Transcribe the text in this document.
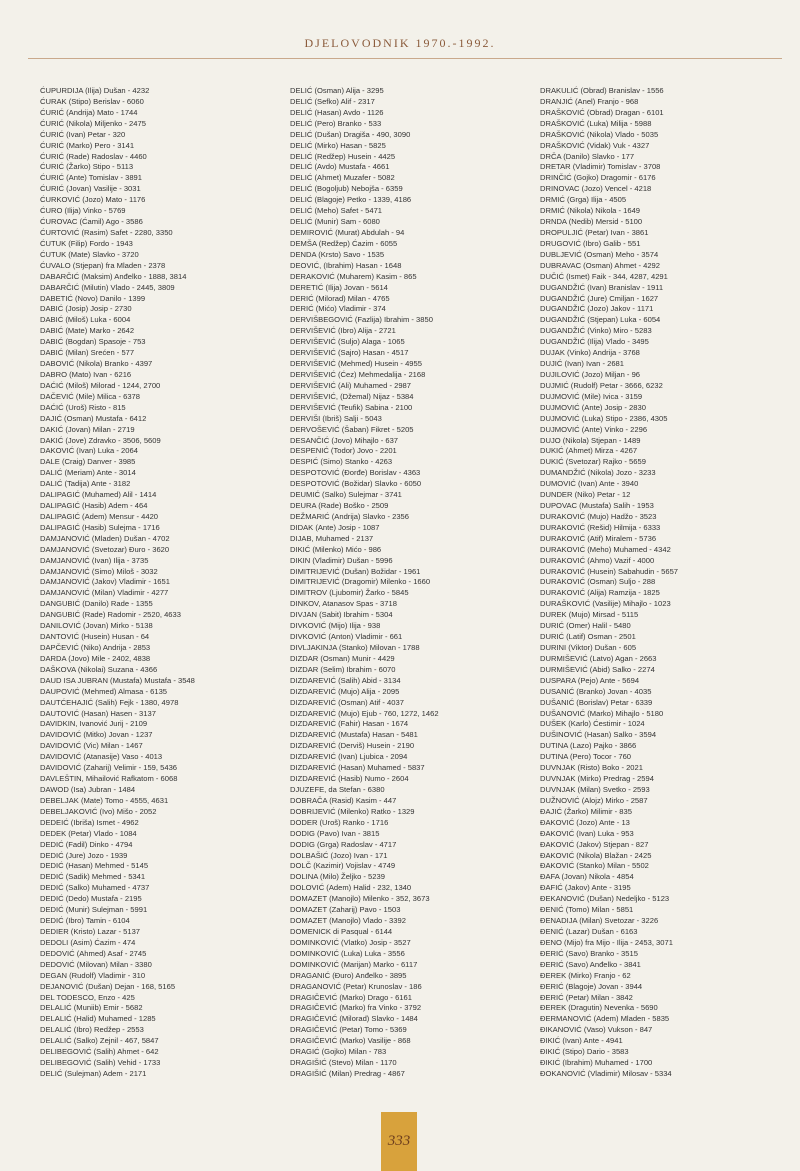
DJELOVODNIK 1970.-1992.
ĆUPURDIJA (Ilija) Dušan - 4232
ĆURAK (Stipo) Berislav - 6060
ĆURIĆ (Andrija) Mato - 1744
ĆURIĆ (Nikola) Miljenko - 2475
ĆURIĆ (Ivan) Petar - 320
ĆURIĆ (Marko) Pero - 3141
ĆURIĆ (Rade) Radoslav - 4460
ĆURIĆ (Žarko) Stipo - 5113
ĆURIĆ (Ante) Tomislav - 3891
ĆURIĆ (Jovan) Vasilije - 3031
ĆURKOVIĆ (Jozo) Mato - 1176
ĆURO (Ilija) Vinko - 5769
ĆUROVAC (Ćamil) Ago - 3586
ĆURTOVIĆ (Rasim) Safet - 2280, 3350
ĆUTUK (Filip) Fordo - 1943
ĆUTUK (Mate) Slavko - 3720
ĆUVALO (Stjepan) fra Mladen - 2378
DABARČIĆ (Maksim) Anđelko - 1888, 3814
DABARČIĆ (Milutin) Vlado - 2445, 3809
DABETIĆ (Novo) Danilo - 1399
DABIĆ (Josip) Josip - 2730
DABIĆ (Miloš) Luka - 6004
DABIĆ (Mate) Marko - 2642
DABIĆ (Bogdan) Spasoje - 753
DABIĆ (Milan) Srećen - 577
DABOVIĆ (Nikola) Branko - 4397
DABRO (Mato) Ivan - 6216
DAĆIĆ (Miloš) Milorad - 1244, 2700
DAČEVIĆ (Mile) Milica - 6378
DAĆIĆ (Uroš) Risto - 815
DAJIĆ (Osman) Mustafa - 6412
DAKIĆ (Jovan) Milan - 2719
DAKIĆ (Jove) Zdravko - 3506, 5609
DAKOVIĆ (Ivan) Luka - 2064
DALE (Craig) Danver - 3985
DALIĆ (Meriam) Ante - 3014
DALIĆ (Tadija) Ante - 3182
DALIPAGIĆ (Muhamed) Alil - 1414
DALIPAGIĆ (Hasib) Adem - 464
DALIPAGIĆ (Adem) Mensur - 4420
DALIPAGIĆ (Hasib) Sulejma - 1716
DAMJANOVIĆ (Mladen) Dušan - 4702
DAMJANOVIĆ (Svetozar) Đuro - 3620
DAMJANOVIĆ (Ivan) Ilija - 3735
DAMJANOVIĆ (Simo) Miloš - 3032
DAMJANOVIĆ (Jakov) Vladimir - 1651
DAMJANOVIĆ (Milan) Vladimir - 4277
DANGUBIĆ (Danilo) Rade - 1355
DANGUBIĆ (Rade) Radomir - 2520, 4633
DANILOVIĆ (Jovan) Mirko - 5138
DANTOVIĆ (Husein) Husan - 64
DAPČEVIĆ (Niko) Andrija - 2853
DARDA (Jovo) Mile - 2402, 4838
DAŠKOVA (Nikolai) Suzana - 4366
DAUD ISA JUBRAN (Mustafa) Mustafa - 3548
DAUPOVIĆ (Mehmed) Almasa - 6135
DAUTĆEHAJIĆ (Salih) Fejk - 1380, 4978
DAUTOVIĆ (Hasan) Hasen - 3137
DAVIDKIN, Ivanović Jurij - 2109
DAVIDOVIĆ (Mitko) Jovan - 1237
DAVIDOVIĆ (Vic) Milan - 1467
DAVIDOVIĆ (Atanasije) Vaso - 4013
DAVIDOVIĆ (Zaharij) Velimir - 159, 5436
DAVLEŠTIN, Mihailović Rafkatom - 6068
DAWOD (Isa) Jubran - 1484
DEBELJAK (Mate) Tomo - 4555, 4631
DEBELJAKOVIĆ (Ivo) Mišo - 2052
DEDEIĆ (Ibriša) Ismet - 4962
DEDEK (Petar) Vlado - 1084
DEDIĆ (Fadil) Dinko - 4794
DEDIĆ (Jure) Jozo - 1939
DEDIĆ (Hasan) Mehmed - 5145
DEDIĆ (Sadik) Mehmed - 5341
DEDIĆ (Salko) Muhamed - 4737
DEDIĆ (Dedo) Mustafa - 2195
DEDIĆ (Munir) Sulejman - 5991
DEDIĆ (Ibro) Tamin - 6104
DEDIER (Kristo) Lazar - 5137
DEDOLI (Asim) Ćazim - 474
DEDOVIĆ (Ahmed) Asaf - 2745
DEDOVIĆ (Milovan) Milan - 3380
DEGAN (Rudolf) Vladimir - 310
DEJANOVIĆ (Dušan) Dejan - 168, 5165
DEL TODESCO, Enzo - 425
DELALIĆ (Muniib) Emir - 5682
DELALIĆ (Halid) Muhamed - 1285
DELALIĆ (Ibro) Redžep - 2553
DELALIĆ (Salko) Zejnil - 467, 5847
DELIBEGOVIĆ (Salih) Ahmet - 642
DELIBEGOVIĆ (Salih) Vehid - 1733
DELIĆ (Sulejman) Adem - 2171
DELIĆ (Osman) Alija - 3295
DELIĆ (Sefko) Alif - 2317
DELIĆ (Hasan) Avdo - 1126
DELIĆ (Pero) Branko - 533
DELIĆ (Dušan) Dragiša - 490, 3090
DELIĆ (Mirko) Hasan - 5825
DELIĆ (Redžep) Husein - 4425
DELIĆ (Avdo) Mustafa - 4661
DELIĆ (Ahmet) Muzafer - 5082
DELIĆ (Bogoljub) Nebojša - 6359
DELIĆ (Blagoje) Petko - 1339, 4186
DELIĆ (Meho) Safet - 5471
DELIĆ (Munir) Sam - 6080
DEMIROVIĆ (Murat) Abdulah - 94
DEMŠA (Redžep) Ćazim - 6055
DENDA (Krsto) Savo - 1535
DEOVIĆ, (Ibrahim) Hasan - 1648
DERAKOVIĆ (Muharem) Kasim - 865
DERETIĆ (Ilija) Jovan - 5614
DERIĆ (Milorad) Milan - 4765
DERIĆ (Mićo) Vladimir - 374
DERVIŠBEGOVIĆ (Fazlija) Ibrahim - 3850
DERVIŠEVIĆ (Ibro) Alija - 2721
DERVIŠEVIĆ (Suljo) Alaga - 1065
DERVIŠEVIĆ (Sajro) Hasan - 4517
DERVIŠEVIĆ (Mehmed) Husein - 4955
DERVIŠEVIĆ (Ćez) Mehmedalija - 2168
DERVIŠEVIĆ (Ali) Muhamed - 2987
DERVIŠEVIĆ, (Džemal) Nijaz - 5384
DERVIŠEVIĆ (Teufik) Sabina - 2100
DERVIŠI (Ibriš) Salji - 5043
DERVOŠEVIĆ (Šaban) Fikret - 5205
DESANČIĆ (Jovo) Mihajlo - 637
DESPENIĆ (Todor) Jovo - 2201
DESPIĆ (Simo) Stanko - 4263
DESPOTOVIĆ (Đorđe) Borislav - 4363
DESPOTOVIĆ (Božidar) Slavko - 6050
DEUMIĆ (Salko) Sulejmar - 3741
DEURA (Rade) Boško - 2509
DEŽMARIĆ (Andrija) Slavko - 2356
DIDAK (Ante) Josip - 1087
DIJAB, Muhamed - 2137
DIKIĆ (Milenko) Mićo - 986
DIKIN (Vladimir) Dušan - 5996
DIMITRIJEVIĆ (Dušan) Božidar - 1961
DIMITRIJEVIĆ (Dragomir) Milenko - 1660
DIMITROV (Ljubomir) Žarko - 5845
DINKOV, Atanasov Spas - 3718
DIVJAN (Sabit) Ibrahim - 5304
DIVKOVIĆ (Mijo) Ilija - 938
DIVKOVIĆ (Anton) Vladimir - 661
DIVLJAKINJA (Stanko) Milovan - 1788
DIZDAR (Osman) Munir - 4429
DIZDAR (Selim) Ibrahim - 6070
DIZDAREVIĆ (Salih) Abid - 3134
DIZDAREVIĆ (Mujo) Alija - 2095
DIZDAREVIĆ (Osman) Atif - 4037
DIZDAREVIĆ (Mujo) Ejub - 760, 1272, 1462
DIZDAREVIĆ (Fahir) Hasan - 1674
DIZDAREVIĆ (Mustafa) Hasan - 5481
DIZDAREVIĆ (Derviš) Husein - 2190
DIZDAREVIĆ (Ivan) Ljubica - 2094
DIZDAREVIĆ (Hasan) Muhamed - 5837
DIZDAREVIĆ (Hasib) Numo - 2604
DJUZEFE, da Stefan - 6380
DOBRAČA (Rasid) Kasim - 447
DOBRIJEVIĆ (Milenko) Ratko - 1329
DODER (Uroš) Ranko - 1716
DODIG (Pavo) Ivan - 3815
DODIG (Grga) Radoslav - 4717
DOLBAŠIĆ (Jozo) Ivan - 171
DOLČ (Kazimir) Vojislav - 4749
DOLINA (Milo) Željko - 5239
DOLOVIĆ (Adem) Halid - 232, 1340
DOMAZET (Manojlo) Milenko - 352, 3673
DOMAZET (Zaharij) Pavo - 1503
DOMAZET (Manojlo) Vlado - 3392
DOMENICK di Pasqual - 6144
DOMINKOVIĆ (Vlatko) Josip - 3527
DOMINKOVIĆ (Luka) Luka - 3556
DOMINKOVIĆ (Marijan) Marko - 6117
DRAGANIĆ (Đuro) Anđelko - 3895
DRAGANOVIĆ (Petar) Krunoslav - 186
DRAGIČEVIĆ (Marko) Drago - 6161
DRAGIČEVIĆ (Marko) fra Vinko - 3792
DRAGIČEVIĆ (Milorad) Slavko - 1484
DRAGIČEVIĆ (Petar) Tomo - 5369
DRAGIČEVIĆ (Marko) Vasilije - 868
DRAGIĆ (Gojko) Milan - 783
DRAGIŠIĆ (Stevo) Milan - 1170
DRAGIŠIĆ (Milan) Predrag - 4867
DRAKULIĆ (Obrad) Branislav - 1556
DRANJIĆ (Anel) Franjo - 968
DRAŠKOVIĆ (Obrad) Dragan - 6101
DRAŠKOVIĆ (Luka) Milija - 5988
DRAŠKOVIĆ (Nikola) Vlado - 5035
DRAŠKOVIĆ (Vidak) Vuk - 4327
DRČA (Danilo) Slavko - 177
DRETAR (Vladimir) Tomislav - 3708
DRINČIĆ (Gojko) Dragomir - 6176
DRINOVAC (Jozo) Vencel - 4218
DRMIĆ (Grga) Ilija - 4505
DRMIĆ (Nikola) Nikola - 1649
DRNDA (Nedib) Mersid - 5100
DROPULJIĆ (Petar) Ivan - 3861
DRUGOVIĆ (Ibro) Galib - 551
DUBLJEVIĆ (Osman) Meho - 3574
DUBRAVAC (Osman) Ahmet - 4292
DUČIĆ (Ismet) Faik - 344, 4287, 4291
DUGANDŽIĆ (Ivan) Branislav - 1911
DUGANDŽIĆ (Jure) Cmiljan - 1627
DUGANDŽIĆ (Jozo) Jakov - 1171
DUGANDŽIĆ (Stjepan) Luka - 6054
DUGANDŽIĆ (Vinko) Miro - 5283
DUGANDŽIĆ (Ilija) Vlado - 3495
DUJAK (Vinko) Andrija - 3768
DUJIĆ (Ivan) Ivan - 2681
DUJILOVIĆ (Jozo) Miljan - 96
DUJMIĆ (Rudolf) Petar - 3666, 6232
DUJMOVIĆ (Mile) Ivica - 3159
DUJMOVIĆ (Ante) Josip - 2830
DUJMOVIĆ (Luka) Stipo - 2386, 4305
DUJMOVIĆ (Ante) Vinko - 2296
DUJO (Nikola) Stjepan - 1489
DUKIĆ (Ahmet) Mirza - 4267
DUKIĆ (Svetozar) Rajko - 5659
DUMANDŽIĆ (Nikola) Jozo - 3233
DUMOVIĆ (Ivan) Ante - 3940
DUNDER (Niko) Petar - 12
DUPOVAC (Mustafa) Salih - 1953
DURAKOVIĆ (Mujo) Hadžo - 3523
DURAKOVIĆ (Rešid) Hilmija - 6333
DURAKOVIĆ (Atif) Miralem - 5736
DURAKOVIĆ (Meho) Muhamed - 4342
DURAKOVIĆ (Ahmo) Vazif - 4000
DURAKOVIĆ (Husein) Sabahudin - 5657
DURAKOVIĆ (Osman) Suljo - 288
DURAKOVIĆ (Alija) Ramzija - 1825
DURAŠKOVIĆ (Vasilije) Mihajlo - 1023
DUREK (Mujo) Mirsad - 5115
DURIĆ (Omer) Halil - 5480
DURIĆ (Latif) Osman - 2501
DURINI (Viktor) Dušan - 605
DURMIŠEVIĆ (Latvo) Agan - 2663
DURMIŠEVIĆ (Abid) Salko - 2274
DUSPARA (Pejo) Ante - 5694
DUSANIĆ (Branko) Jovan - 4035
DUŠANIĆ (Borislav) Petar - 6339
DUŠANOVIĆ (Marko) Mihajlo - 5180
DUŠEK (Karlo) Ćestimir - 1024
DUŠINOVIĆ (Hasan) Salko - 3594
DUTINA (Lazo) Pajko - 3866
DUTINA (Pero) Tocor - 760
DUVNJAK (Risto) Boko - 2021
DUVNJAK (Mirko) Predrag - 2594
DUVNJAK (Milan) Svetko - 2593
DUŽNOVIĆ (Alojz) Mirko - 2587
ĐAJIĆ (Žarko) Milimir - 835
ĐAKOVIĆ (Jozo) Ante - 13
ĐAKOVIĆ (Ivan) Luka - 953
ĐAKOVIĆ (Jakov) Stjepan - 827
ĐAKOVIĆ (Nikola) Blažan - 2425
ĐAKOVIĆ (Stanko) Milan - 5502
ĐAFA (Jovan) Nikola - 4854
ĐAFIĆ (Jakov) Ante - 3195
ĐEKANOVIĆ (Dušan) Nedeljko - 5123
ĐENIĆ (Tomo) Milan - 5851
ĐENADIJA (Milan) Svetozar - 3226
ĐENIĆ (Lazar) Dušan - 6163
ĐENO (Mijo) fra Mijo - Ilija - 2453, 3071
ĐERIĆ (Savo) Branko - 3515
ĐERIĆ (Savo) Anđelko - 3841
ĐEREK (Mirko) Franjo - 62
ĐERIĆ (Blagoje) Jovan - 3944
ĐERIĆ (Petar) Milan - 3842
ĐEREK (Dragutin) Nevenka - 5690
ĐERMANOVIĆ (Adem) Mladen - 5835
ĐIKANOVIĆ (Vaso) Vukson - 847
ĐIKIĆ (Ivan) Ante - 4941
ĐIKIĆ (Stipo) Dario - 3583
ĐIKIĆ (Ibrahim) Muhamed - 1700
ĐOKANOVIĆ (Vladimir) Milosav - 5334
333
